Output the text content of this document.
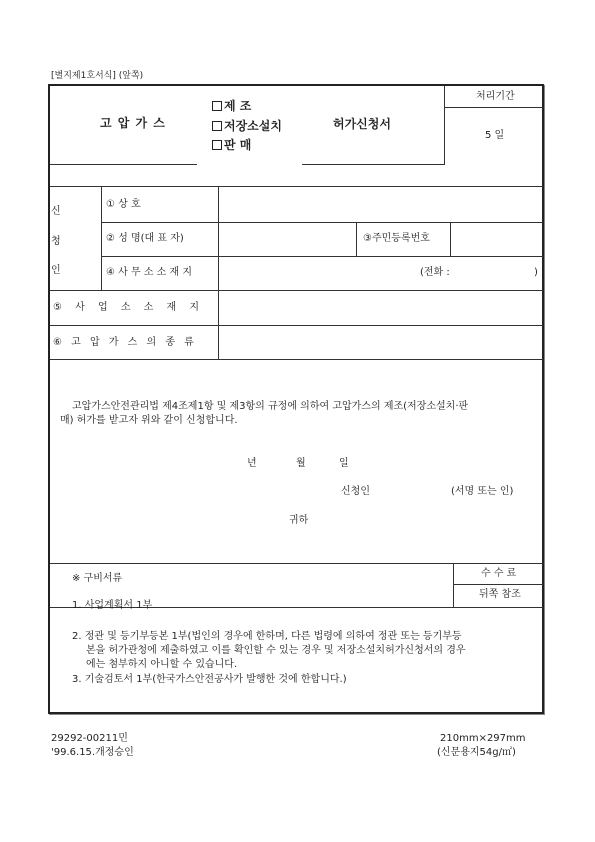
[별지제1호서식] (앞쪽)
고 압 가 스
제 조
저장소설치
판 매
허가신청서
처리기간
5 일
신
청
인
① 상 호
② 성 명(대 표 자)	③주민등록번호
④ 사 무 소 소 재 지	(전화 :	)
⑤ 사 업 소 소 재 지
⑥ 고 압 가 스 의 종 류
고압가스안전관리법 제4조제1항 및 제3항의 규정에 의하여 고압가스의 제조(저장소설치·판
매) 허가를 받고자 위와 같이 신청합니다.
년	월	일
신청인	(서명 또는 인)
귀하
수 수 료
뒤쪽 참조
※ 구비서류
1. 사업계획서 1부
2. 정관 및 등기부등본 1부(법인의 경우에 한하며, 다른 법령에 의하여 정관 또는 등기부등
본을 허가관청에 제출하였고 이를 확인할 수 있는 경우 및 저장소설치허가신청서의 경우
에는 첨부하지 아니할 수 있습니다.
3. 기술검토서 1부(한국가스안전공사가 발행한 것에 한합니다.)
29292-00211민
'99.6.15.개정승인
210mm×297mm
(신문용지54g/㎡)
